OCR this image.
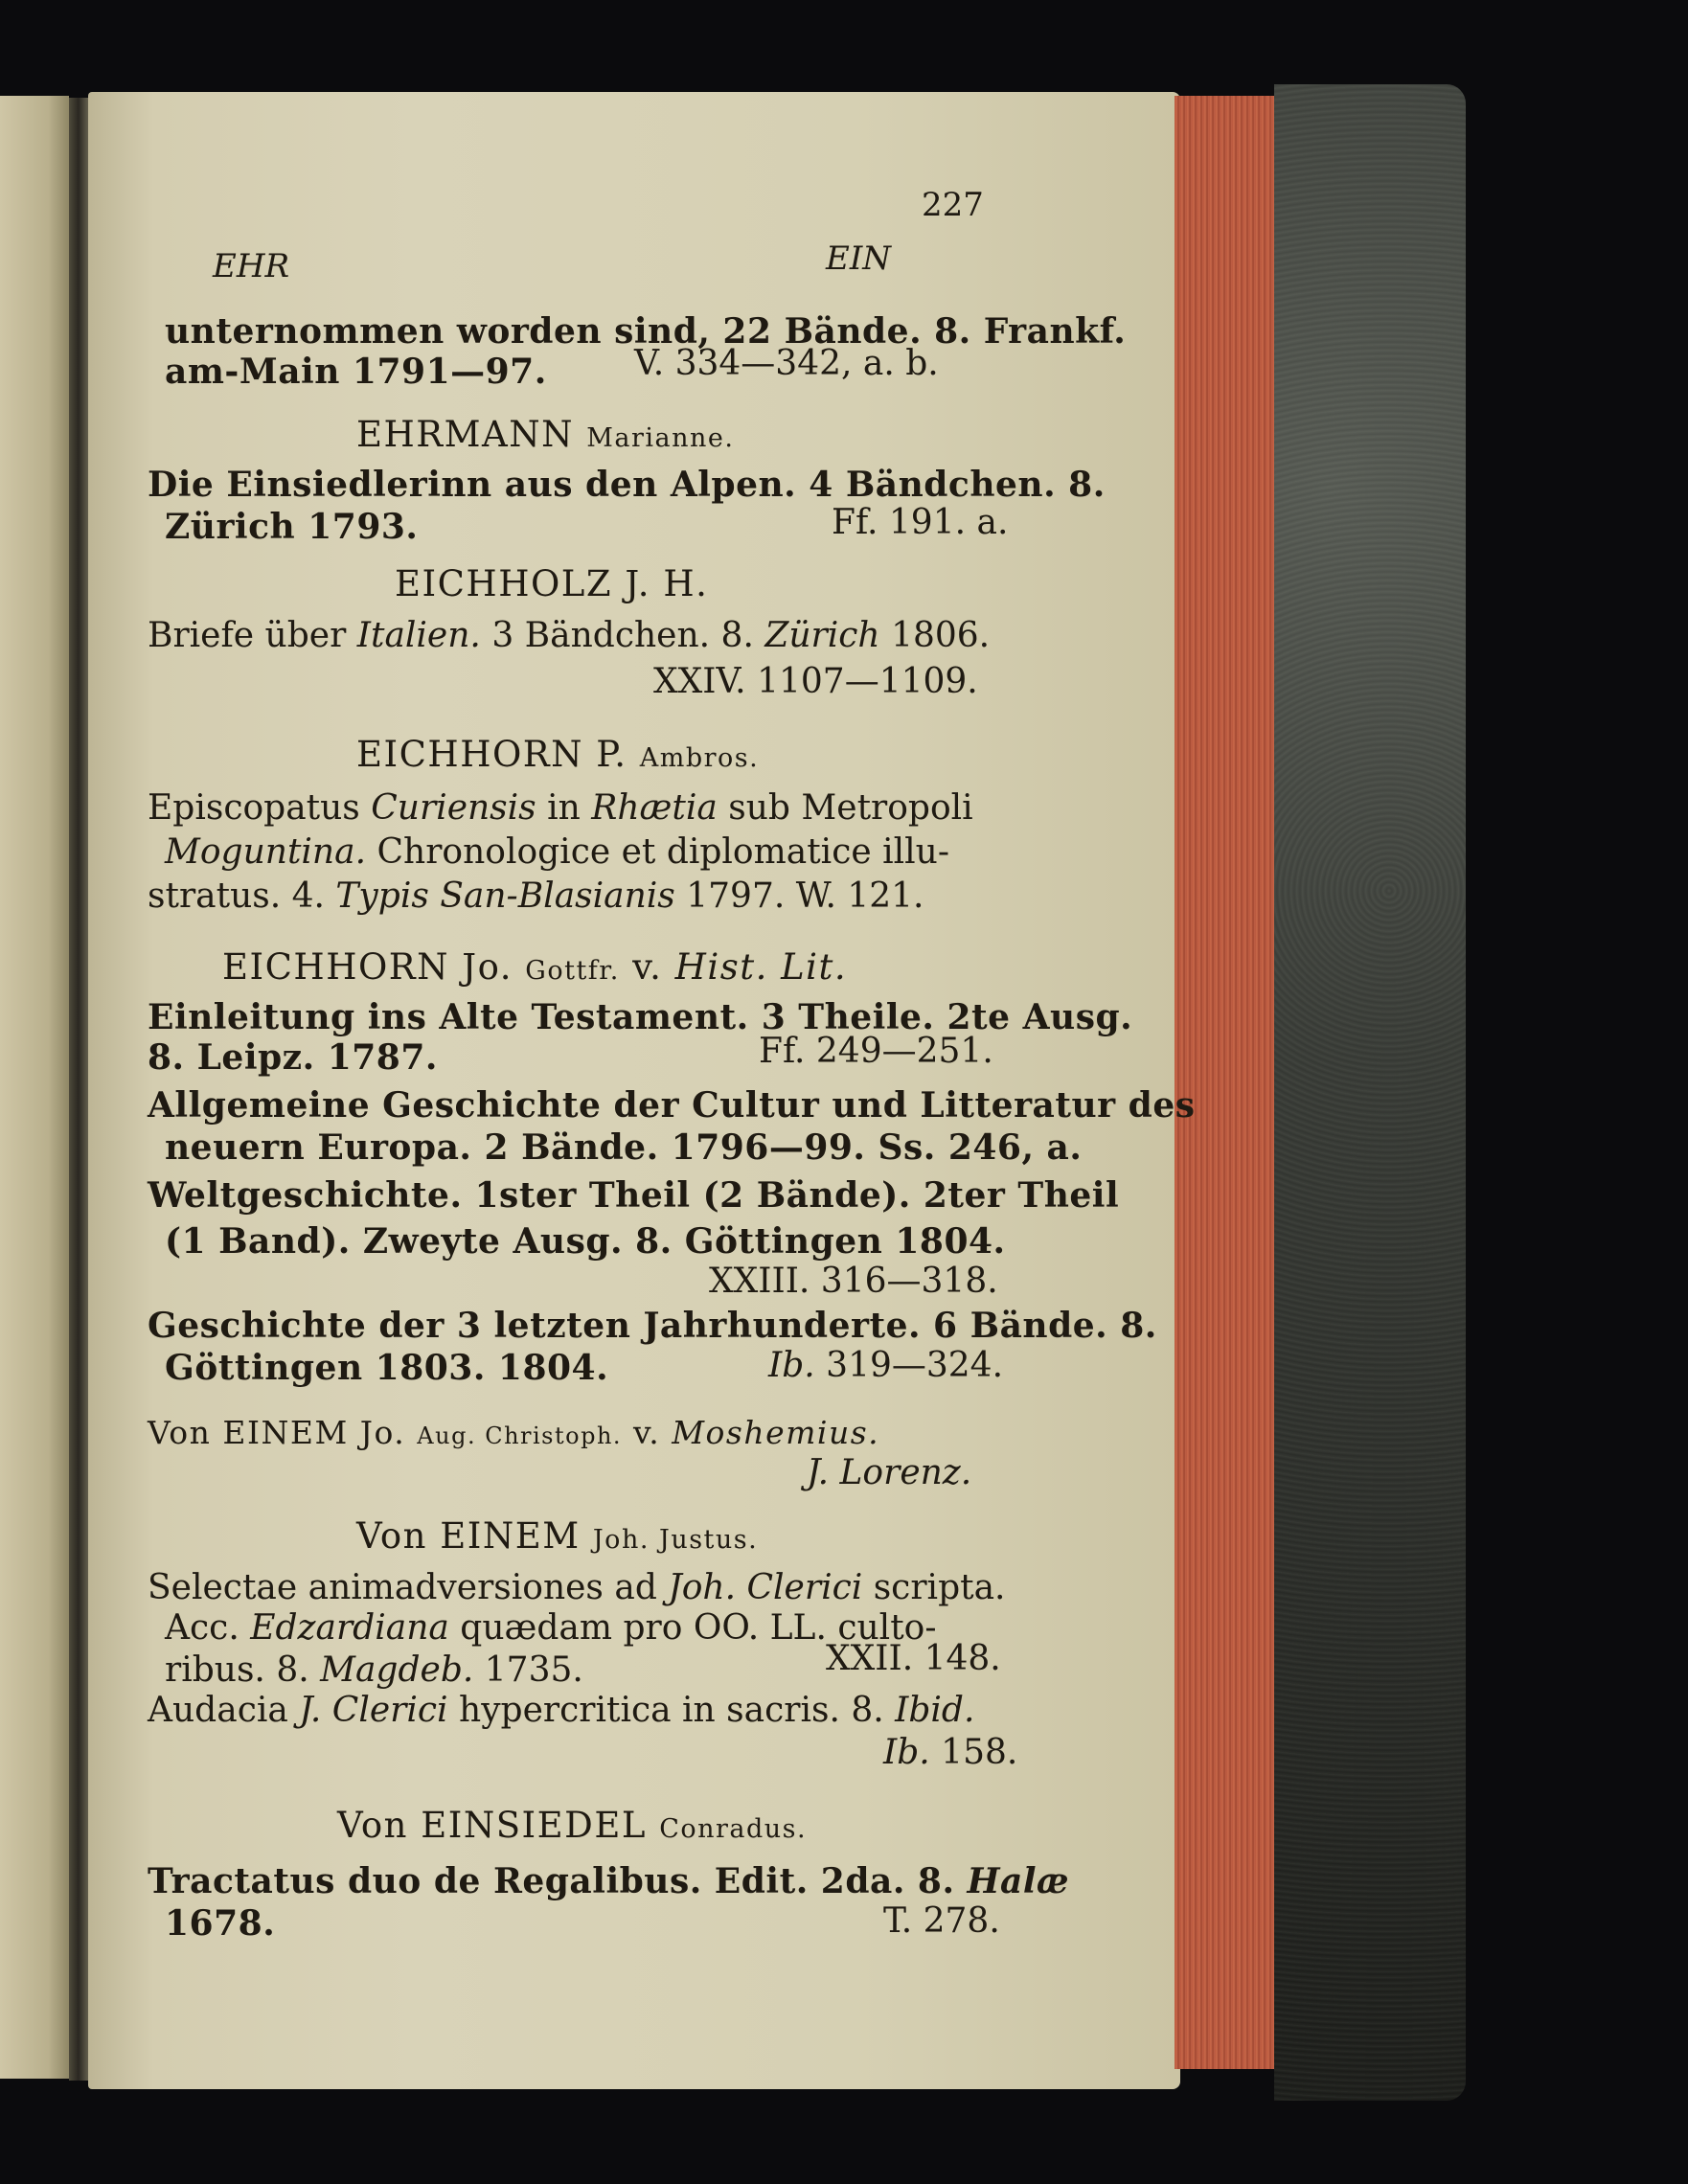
227
EHR	EIN
unternommen worden sind, 22 Bände. 8. Frankf.
am-Main 1791—97.	V. 334—342, a. b.
EHRMANN Marianne.
Die Einsiedlerinn aus den Alpen. 4 Bändchen. 8.
Zürich 1793.	Ff. 191. a.
EICHHOLZ J. H.
Briefe über Italien. 3 Bändchen. 8. Zürich 1806.
XXIV. 1107—1109.
EICHHORN P. Ambros.
Episcopatus Curiensis in Rhætia sub Metropoli
Moguntina. Chronologice et diplomatice illu-
stratus. 4. Typis San-Blasianis 1797. W. 121.
EICHHORN Jo. Gottfr. v. Hist. Lit.
Einleitung ins Alte Testament. 3 Theile. 2te Ausg.
8. Leipz. 1787.	Ff. 249—251.
Allgemeine Geschichte der Cultur und Litteratur des
neuern Europa. 2 Bände. 1796—99. Ss. 246, a.
Weltgeschichte. 1ster Theil (2 Bände). 2ter Theil
(1 Band). Zweyte Ausg. 8. Göttingen 1804.
XXIII. 316—318.
Geschichte der 3 letzten Jahrhunderte. 6 Bände. 8.
Göttingen 1803. 1804.	Ib. 319—324.
Von EINEM Jo. Aug. Christoph. v. Moshemius.
J. Lorenz.
Von EINEM Joh. Justus.
Selectae animadversiones ad Joh. Clerici scripta.
Acc. Edzardiana quædam pro OO. LL. culto-
ribus. 8. Magdeb. 1735.	XXII. 148.
Audacia J. Clerici hypercritica in sacris. 8. Ibid.
Ib. 158.
Von EINSIEDEL Conradus.
Tractatus duo de Regalibus. Edit. 2da. 8. Halæ
1678.	T. 278.
